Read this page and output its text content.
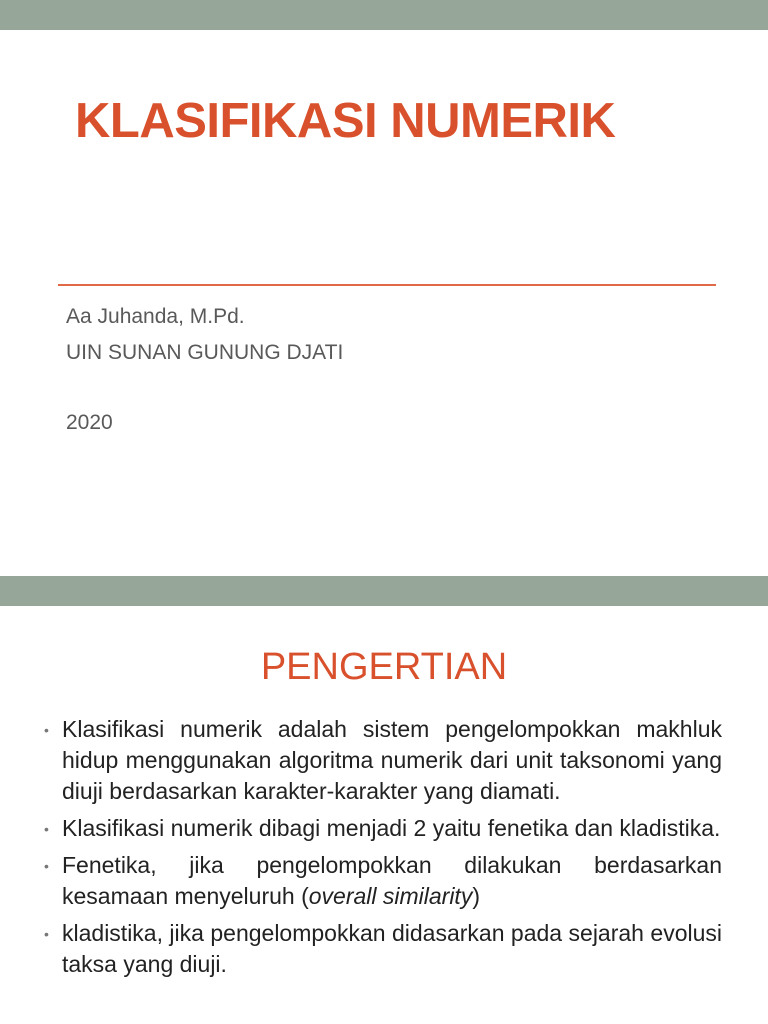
KLASIFIKASI NUMERIK
Aa Juhanda, M.Pd.
UIN SUNAN GUNUNG DJATI
2020
PENGERTIAN
• Klasifikasi numerik adalah sistem pengelompokkan makhluk hidup menggunakan algoritma numerik dari unit taksonomi yang diuji berdasarkan karakter-karakter yang diamati.
• Klasifikasi numerik dibagi menjadi 2 yaitu fenetika dan kladistika.
• Fenetika, jika pengelompokkan dilakukan berdasarkan kesamaan menyeluruh (overall similarity)
• kladistika, jika pengelompokkan didasarkan pada sejarah evolusi taksa yang diuji.
